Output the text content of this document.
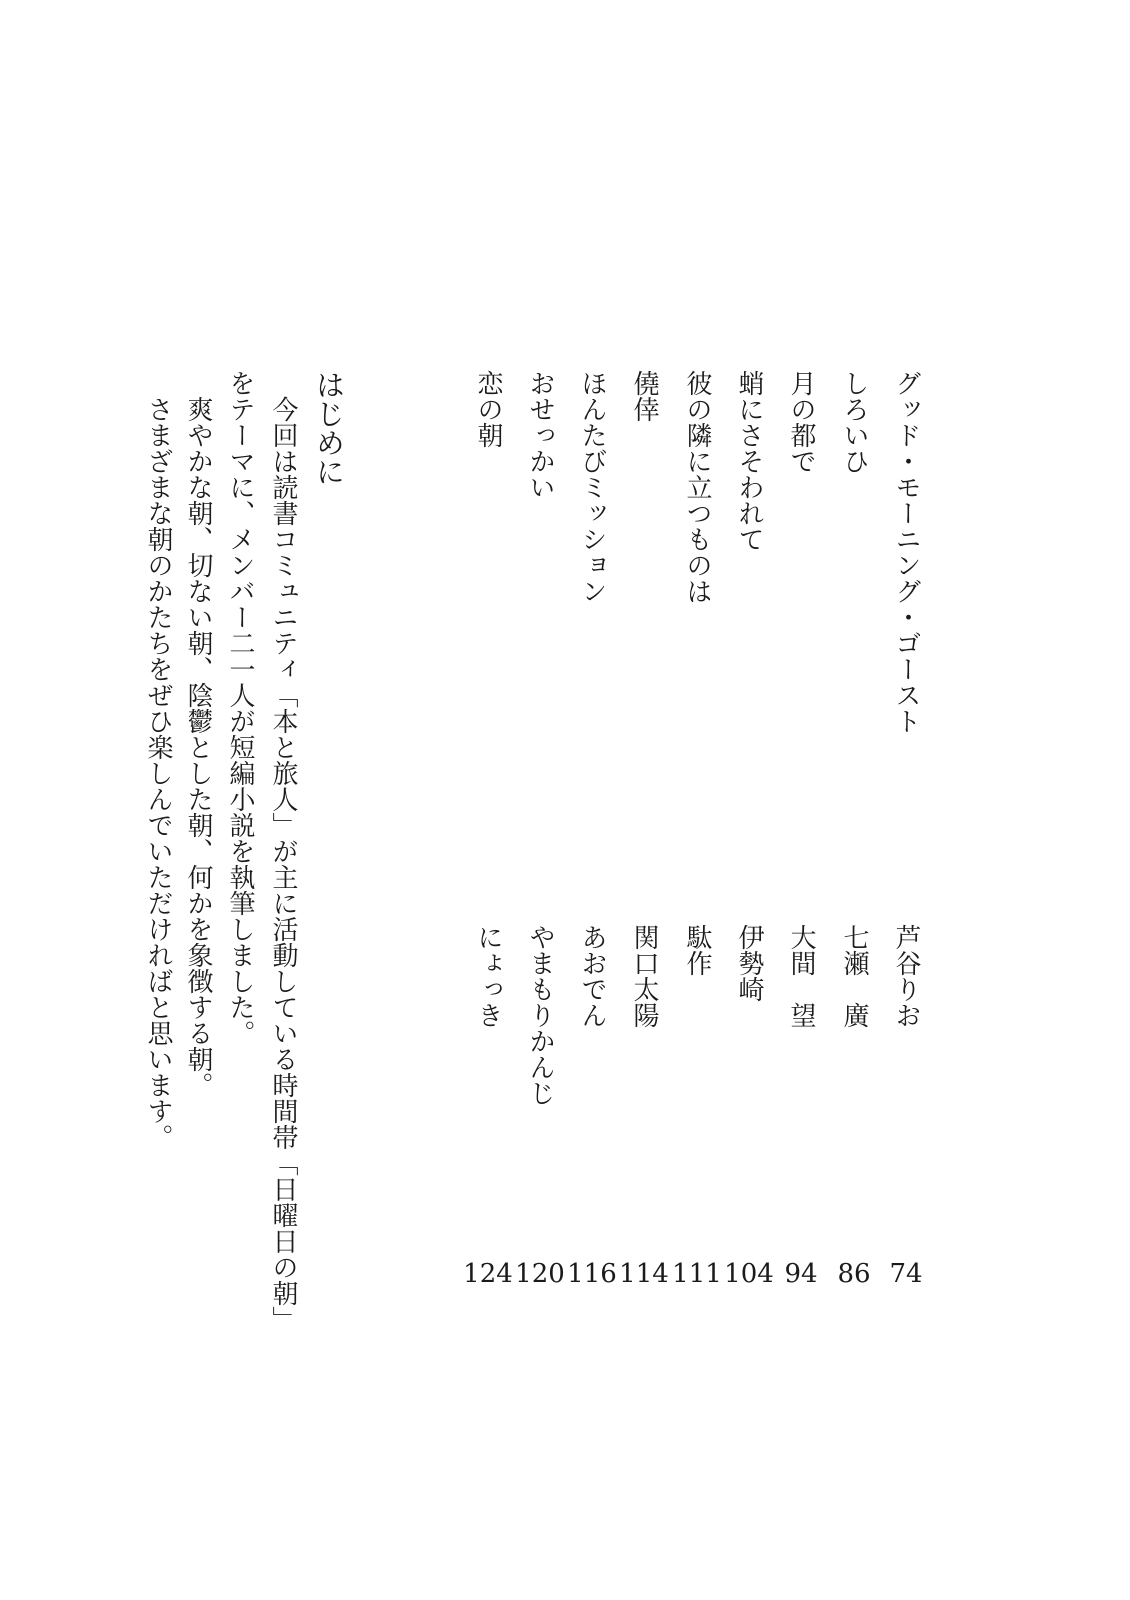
グッド・モーニング・ゴースト
芦谷りお
74
しろいひ
七瀬　廣
86
月の都で
大間　望
94
蛸にさそわれて
伊勢崎
104
彼の隣に立つものは
駄作
111
僥倖
関口太陽
114
ほんたびミッション
あおでん
116
おせっかい
やまもりかんじ
120
恋の朝
にょっき
124
はじめに
今回は読書コミュニティ「本と旅人」が主に活動している時間帯「日曜日の朝」
をテーマに、メンバー二一人が短編小説を執筆しました。
爽やかな朝、切ない朝、陰鬱とした朝、何かを象徴する朝。
さまざまな朝のかたちをぜひ楽しんでいただければと思います。
